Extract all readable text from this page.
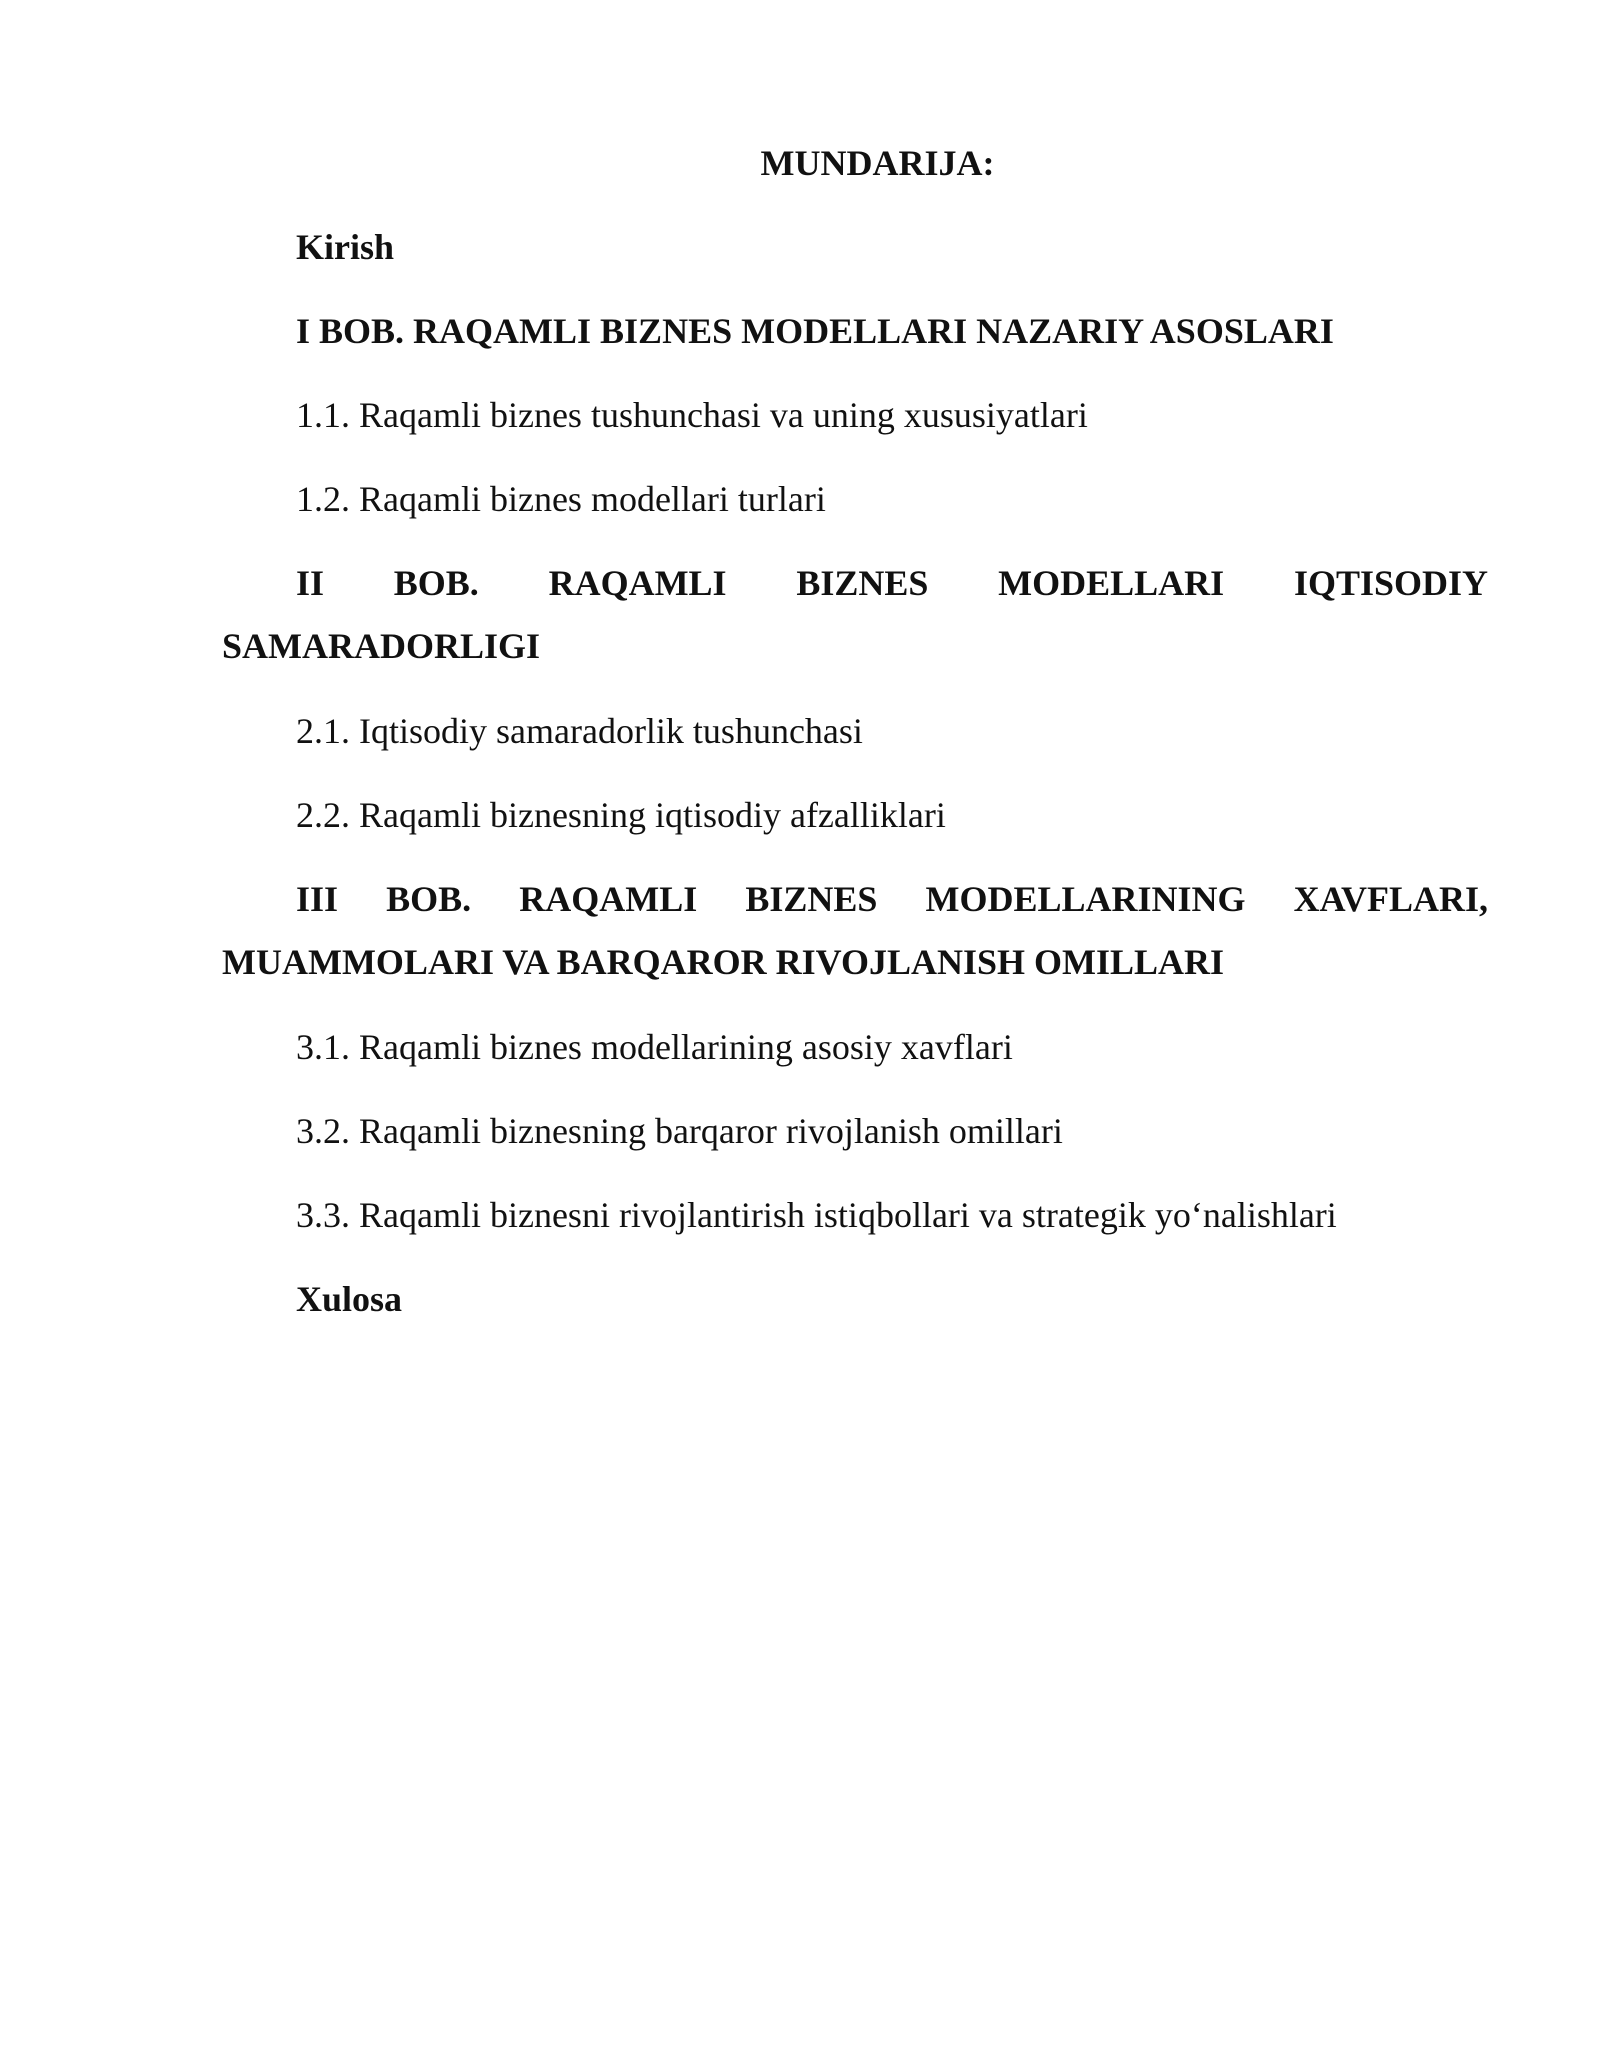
MUNDARIJA:
Kirish
I BOB. RAQAMLI BIZNES MODELLARI NAZARIY ASOSLARI
1.1. Raqamli biznes tushunchasi va uning xususiyatlari
1.2. Raqamli biznes modellari turlari
II BOB. RAQAMLI BIZNES MODELLARI IQTISODIY
SAMARADORLIGI
2.1. Iqtisodiy samaradorlik tushunchasi
2.2. Raqamli biznesning iqtisodiy afzalliklari
III BOB. RAQAMLI BIZNES MODELLARINING XAVFLARI,
MUAMMOLARI VA BARQAROR RIVOJLANISH OMILLARI
3.1. Raqamli biznes modellarining asosiy xavflari
3.2. Raqamli biznesning barqaror rivojlanish omillari
3.3. Raqamli biznesni rivojlantirish istiqbollari va strategik yo‘nalishlari
Xulosa
